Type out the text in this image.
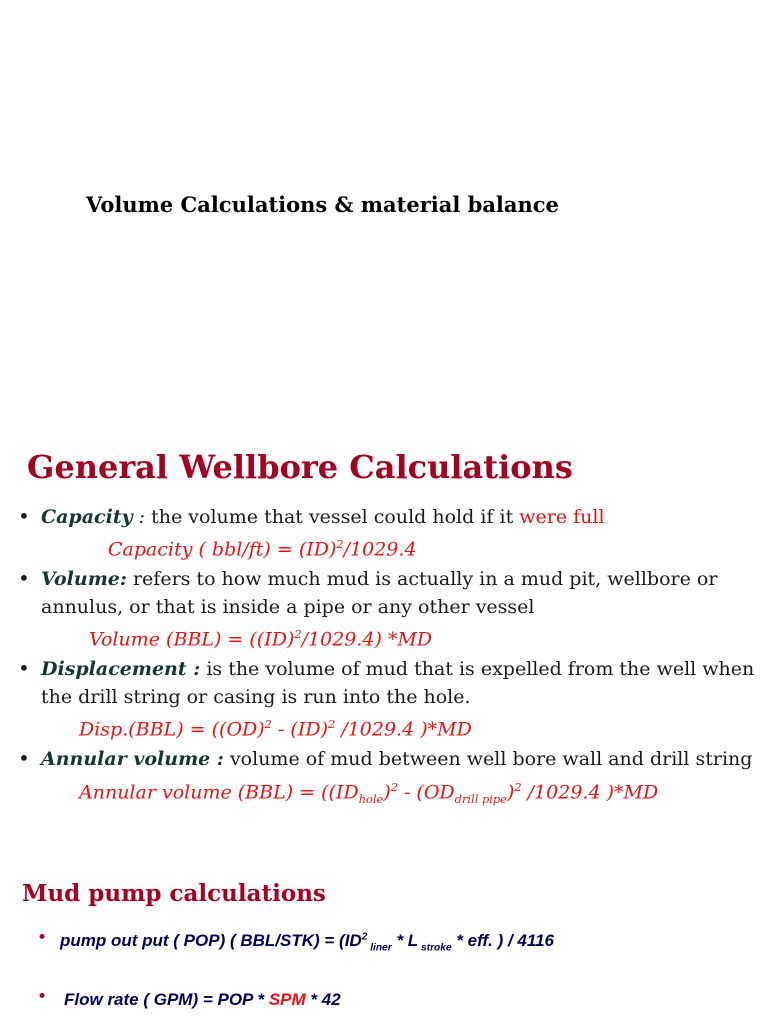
Volume Calculations & material balance
General Wellbore Calculations
• Capacity : the volume that vessel could hold if it were full
Capacity ( bbl/ft) = (ID)$^2$/1029.4
• Volume: refers to how much mud is actually in a mud pit, wellbore or
annulus, or that is inside a pipe or any other vessel
Volume (BBL) = ((ID)$^2$/1029.4) *MD
• Displacement : is the volume of mud that is expelled from the well when
the drill string or casing is run into the hole.
Disp.(BBL) = ((OD)$^2$ - (ID)$^2$ /1029.4 )*MD
• Annular volume : volume of mud between well bore wall and drill string
Annular volume $(BBL) = ((ID_{hole})^2 - (OD_{drill pipe})^2$ /1029.4 )*MD
Mud pump calculations
• pump out put ( POP) ( $BBL/STK) = (ID^2$ $_{liner}$ * L $_{stroke}$ * eff. ) / 4116
• Flow rate ( GPM) = POP * SPM * 42
